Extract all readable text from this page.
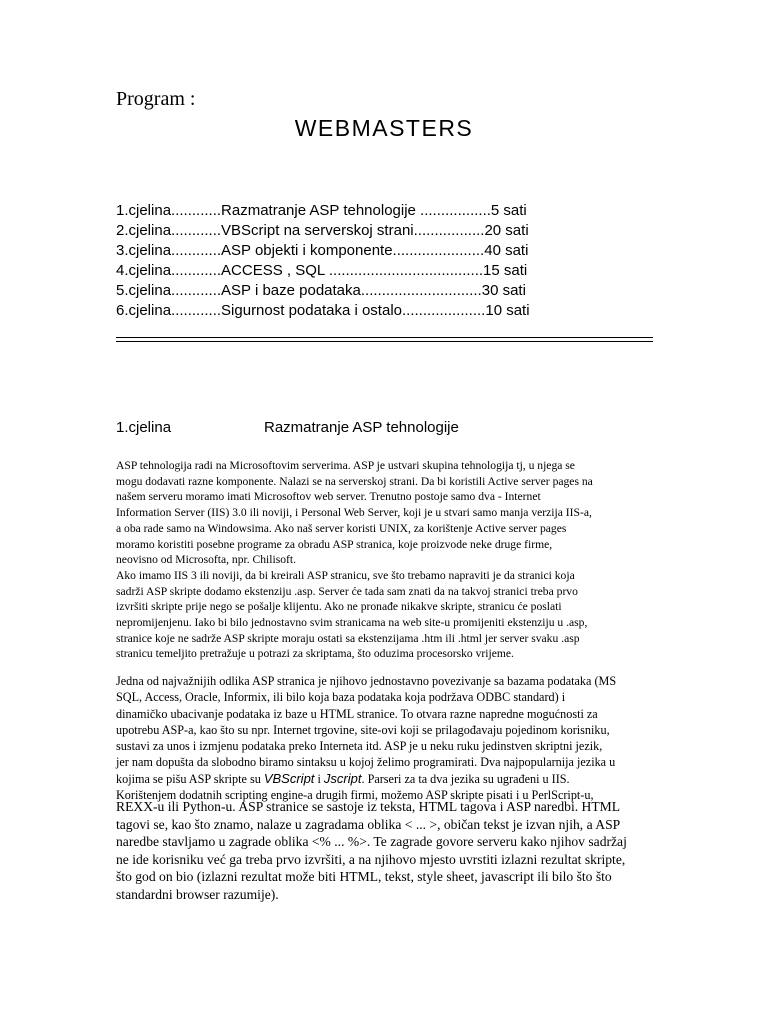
Program :
WEBMASTERS
1.cjelina............Razmatranje ASP tehnologije .................5 sati
2.cjelina............VBScript na serverskoj strani.................20 sati
3.cjelina............ASP objekti i komponente......................40 sati
4.cjelina............ACCESS , SQL .....................................15 sati
5.cjelina............ASP i baze podataka.............................30 sati
6.cjelina............Sigurnost podataka i ostalo....................10 sati
1.cjelina	Razmatranje ASP tehnologije
ASP tehnologija radi na Microsoftovim serverima. ASP je ustvari skupina tehnologija tj, u njega se
mogu dodavati razne komponente. Nalazi se na serverskoj strani. Da bi koristili Active server pages na
našem serveru moramo imati Microsoftov web server. Trenutno postoje samo dva - Internet
Information Server (IIS) 3.0 ili noviji, i Personal Web Server, koji je u stvari samo manja verzija IIS-a,
a oba rade samo na Windowsima. Ako naš server koristi UNIX, za korištenje Active server pages
moramo koristiti posebne programe za obradu ASP stranica, koje proizvode neke druge firme,
neovisno od Microsofta, npr. Chilisoft.
Ako imamo IIS 3 ili noviji, da bi kreirali ASP stranicu, sve što trebamo napraviti je da stranici koja
sadrži ASP skripte dodamo ekstenziju .asp. Server će tada sam znati da na takvoj stranici treba prvo
izvršiti skripte prije nego se pošalje klijentu. Ako ne pronađe nikakve skripte, stranicu će poslati
nepromijenjenu. Iako bi bilo jednostavno svim stranicama na web site-u promijeniti ekstenziju u .asp,
stranice koje ne sadrže ASP skripte moraju ostati sa ekstenzijama .htm ili .html jer server svaku .asp
stranicu temeljito pretražuje u potrazi za skriptama, što oduzima procesorsko vrijeme.
Jedna od najvažnijih odlika ASP stranica je njihovo jednostavno povezivanje sa bazama podataka (MS
SQL, Access, Oracle, Informix, ili bilo koja baza podataka koja podržava ODBC standard) i
dinamičko ubacivanje podataka iz baze u HTML stranice. To otvara razne napredne mogućnosti za
upotrebu ASP-a, kao što su npr. Internet trgovine, site-ovi koji se prilagođavaju pojedinom korisniku,
sustavi za unos i izmjenu podataka preko Interneta itd. ASP je u neku ruku jedinstven skriptni jezik,
jer nam dopušta da slobodno biramo sintaksu u kojoj želimo programirati. Dva najpopularnija jezika u
kojima se pišu ASP skripte su VBScript i Jscript. Parseri za ta dva jezika su ugrađeni u IIS.
Korištenjem dodatnih scripting engine-a drugih firmi, možemo ASP skripte pisati i u PerlScript-u,
REXX-u ili Python-u. ASP stranice se sastoje iz teksta, HTML tagova i ASP naredbi. HTML
tagovi se, kao što znamo, nalaze u zagradama oblika < ... >, običan tekst je izvan njih, a ASP
naredbe stavljamo u zagrade oblika <% ... %>. Te zagrade govore serveru kako njihov sadržaj
ne ide korisniku već ga treba prvo izvršiti, a na njihovo mjesto uvrstiti izlazni rezultat skripte,
što god on bio (izlazni rezultat može biti HTML, tekst, style sheet, javascript ili bilo što što
standardni browser razumije).
